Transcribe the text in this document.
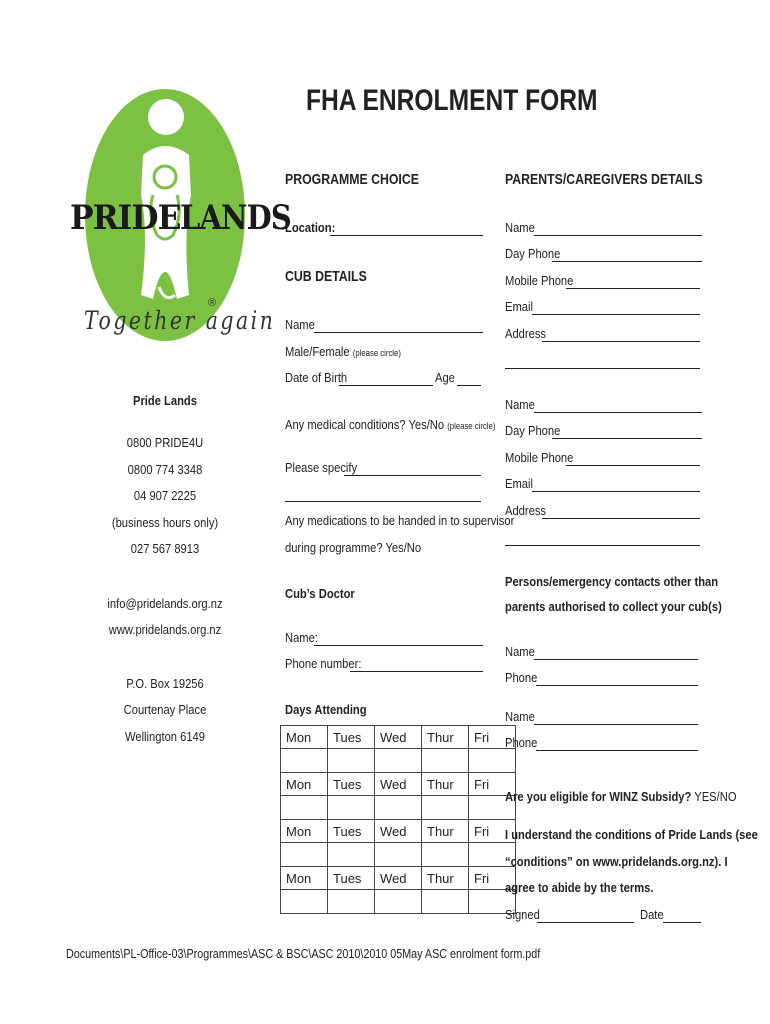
PRIDE LANDS
Together again
®
Pride Lands
0800 PRIDE4U
0800 774 3348
04 907 2225
(business hours only)
027 567 8913
info@pridelands.org.nz
www.pridelands.org.nz
P.O. Box 19256
Courtenay Place
Wellington 6149
FHA ENROLMENT FORM
PROGRAMME CHOICE
Location:
CUB DETAILS
Name
Male/Female (please circle)
Date of Birth	Age
Any medical conditions? Yes/No (please circle)
Please specify
Any medications to be handed in to supervisor
during programme? Yes/No
Cub’s Doctor
Name:
Phone number:
Days Attending
Mon	Tues	Wed	Thur	Fri

Mon	Tues	Wed	Thur	Fri

Mon	Tues	Wed	Thur	Fri

Mon	Tues	Wed	Thur	Fri

PARENTS/CAREGIVERS DETAILS
Name
Day Phone
Mobile Phone
Email
Address
Name
Day Phone
Mobile Phone
Email
Address
Persons/emergency contacts other than
parents authorised to collect your cub(s)
Name
Phone
Name
Phone
Are you eligible for WINZ Subsidy? YES/NO
I understand the conditions of Pride Lands (see
“conditions” on www.pridelands.org.nz). I
agree to abide by the terms.
Signed	Date
Documents\PL-Office-03\Programmes\ASC & BSC\ASC 2010\2010 05May ASC enrolment form.pdf
